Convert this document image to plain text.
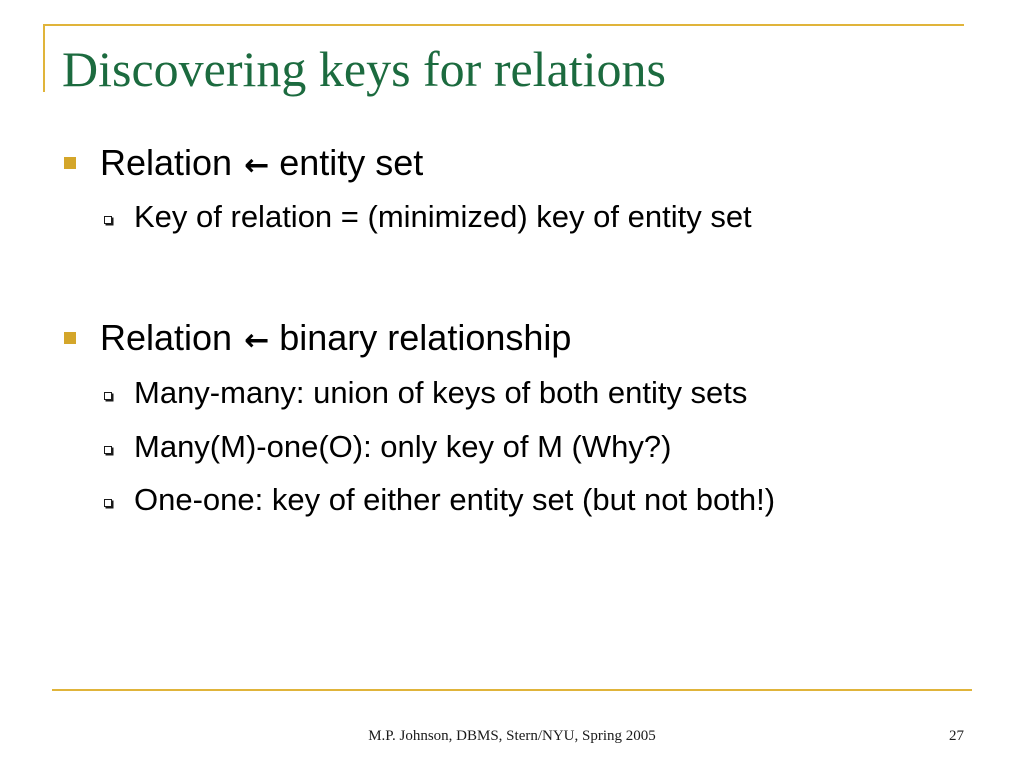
Discovering keys for relations
Relation ← entity set
Key of relation = (minimized) key of entity set
Relation ← binary relationship
Many-many: union of keys of both entity sets
Many(M)-one(O): only key of M (Why?)
One-one: key of either entity set (but not both!)
M.P. Johnson, DBMS, Stern/NYU, Spring 2005	27
